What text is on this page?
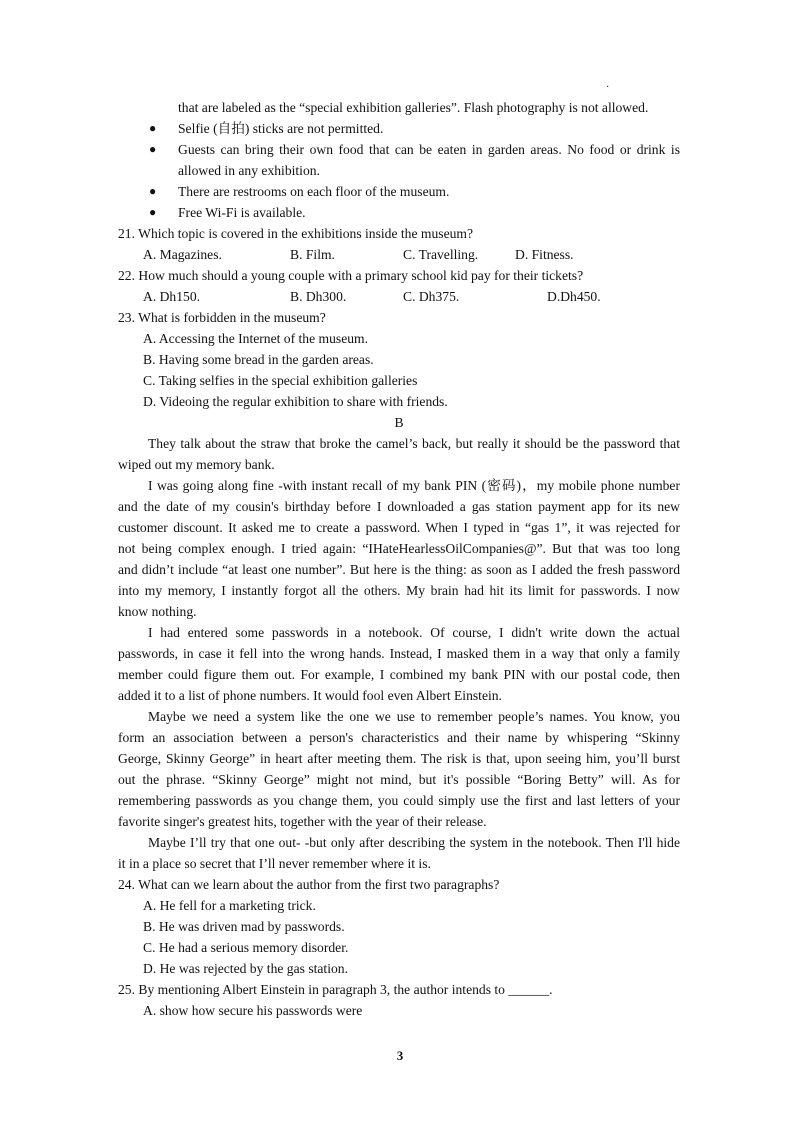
·
that are labeled as the “special exhibition galleries”. Flash photography is not allowed.
Selfie (自拍) sticks are not permitted.
●
Guests can bring their own food that can be eaten in garden areas. No food or drink is
●
allowed in any exhibition.
There are restrooms on each floor of the museum.
●
Free Wi-Fi is available.
●
21. Which topic is covered in the exhibitions inside the museum?
A. Magazines.	B. Film.	C. Travelling.	D. Fitness.
22. How much should a young couple with a primary school kid pay for their tickets?
A. Dh150.	B. Dh300.	C. Dh375.	D.Dh450.
23. What is forbidden in the museum?
A. Accessing the Internet of the museum.
B. Having some bread in the garden areas.
C. Taking selfies in the special exhibition galleries
D. Videoing the regular exhibition to share with friends.
B
They talk about the straw that broke the camel’s back, but really it should be the password that
wiped out my memory bank.
I was going along fine -with instant recall of my bank PIN (密码)，my mobile phone number
and the date of my cousin's birthday before I downloaded a gas station payment app for its new
customer discount. It asked me to create a password. When I typed in “gas 1”, it was rejected for
not being complex enough. I tried again: “IHateHearlessOilCompanies@”. But that was too long
and didn’t include “at least one number”. But here is the thing: as soon as I added the fresh password
into my memory, I instantly forgot all the others. My brain had hit its limit for passwords. I now
know nothing.
I had entered some passwords in a notebook. Of course, I didn't write down the actual
passwords, in case it fell into the wrong hands. Instead, I masked them in a way that only a family
member could figure them out. For example, I combined my bank PIN with our postal code, then
added it to a list of phone numbers. It would fool even Albert Einstein.
Maybe we need a system like the one we use to remember people’s names. You know, you
form an association between a person's characteristics and their name by whispering “Skinny
George, Skinny George” in heart after meeting them. The risk is that, upon seeing him, you’ll burst
out the phrase. “Skinny George” might not mind, but it's possible “Boring Betty” will. As for
remembering passwords as you change them, you could simply use the first and last letters of your
favorite singer's greatest hits, together with the year of their release.
Maybe I’ll try that one out- -but only after describing the system in the notebook. Then I'll hide
it in a place so secret that I’ll never remember where it is.
24. What can we learn about the author from the first two paragraphs?
A. He fell for a marketing trick.
B. He was driven mad by passwords.
C. He had a serious memory disorder.
D. He was rejected by the gas station.
25. By mentioning Albert Einstein in paragraph 3, the author intends to ______.
A. show how secure his passwords were
3
